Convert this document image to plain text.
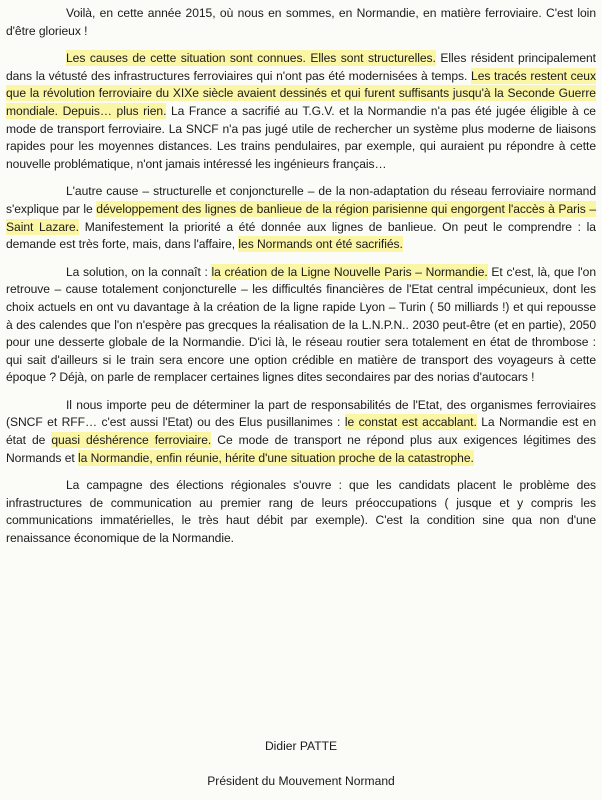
Voilà, en cette année 2015, où nous en sommes, en Normandie, en matière ferroviaire. C'est loin d'être glorieux !

Les causes de cette situation sont connues. Elles sont structurelles. Elles résident principalement dans la vétusté des infrastructures ferroviaires qui n'ont pas été modernisées à temps. Les tracés restent ceux que la révolution ferroviaire du XIXe siècle avaient dessinés et qui furent suffisants jusqu'à la Seconde Guerre mondiale. Depuis… plus rien. La France a sacrifié au T.G.V. et la Normandie n'a pas été jugée éligible à ce mode de transport ferroviaire. La SNCF n'a pas jugé utile de rechercher un système plus moderne de liaisons rapides pour les moyennes distances. Les trains pendulaires, par exemple, qui auraient pu répondre à cette nouvelle problématique, n'ont jamais intéressé les ingénieurs français…

L'autre cause – structurelle et conjoncturelle – de la non-adaptation du réseau ferroviaire normand s'explique par le développement des lignes de banlieue de la région parisienne qui engorgent l'accès à Paris – Saint Lazare. Manifestement la priorité a été donnée aux lignes de banlieue. On peut le comprendre : la demande est très forte, mais, dans l'affaire, les Normands ont été sacrifiés.

La solution, on la connaît : la création de la Ligne Nouvelle Paris – Normandie. Et c'est, là, que l'on retrouve – cause totalement conjoncturelle – les difficultés financières de l'Etat central impécunieux, dont les choix actuels en ont vu davantage à la création de la ligne rapide Lyon – Turin ( 50 milliards !) et qui repousse à des calendes que l'on n'espère pas grecques la réalisation de la L.N.P.N.. 2030 peut-être (et en partie), 2050 pour une desserte globale de la Normandie. D'ici là, le réseau routier sera totalement en état de thrombose : qui sait d'ailleurs si le train sera encore une option crédible en matière de transport des voyageurs à cette époque ? Déjà, on parle de remplacer certaines lignes dites secondaires par des norias d'autocars !

Il nous importe peu de déterminer la part de responsabilités de l'Etat, des organismes ferroviaires (SNCF et RFF… c'est aussi l'Etat) ou des Elus pusillanimes : le constat est accablant. La Normandie est en état de quasi déshérence ferroviaire. Ce mode de transport ne répond plus aux exigences légitimes des Normands et la Normandie, enfin réunie, hérite d'une situation proche de la catastrophe.

La campagne des élections régionales s'ouvre : que les candidats placent le problème des infrastructures de communication au premier rang de leurs préoccupations ( jusque et y compris les communications immatérielles, le très haut débit par exemple). C'est la condition sine qua non d'une renaissance économique de la Normandie.

Didier PATTE
Président du Mouvement Normand
